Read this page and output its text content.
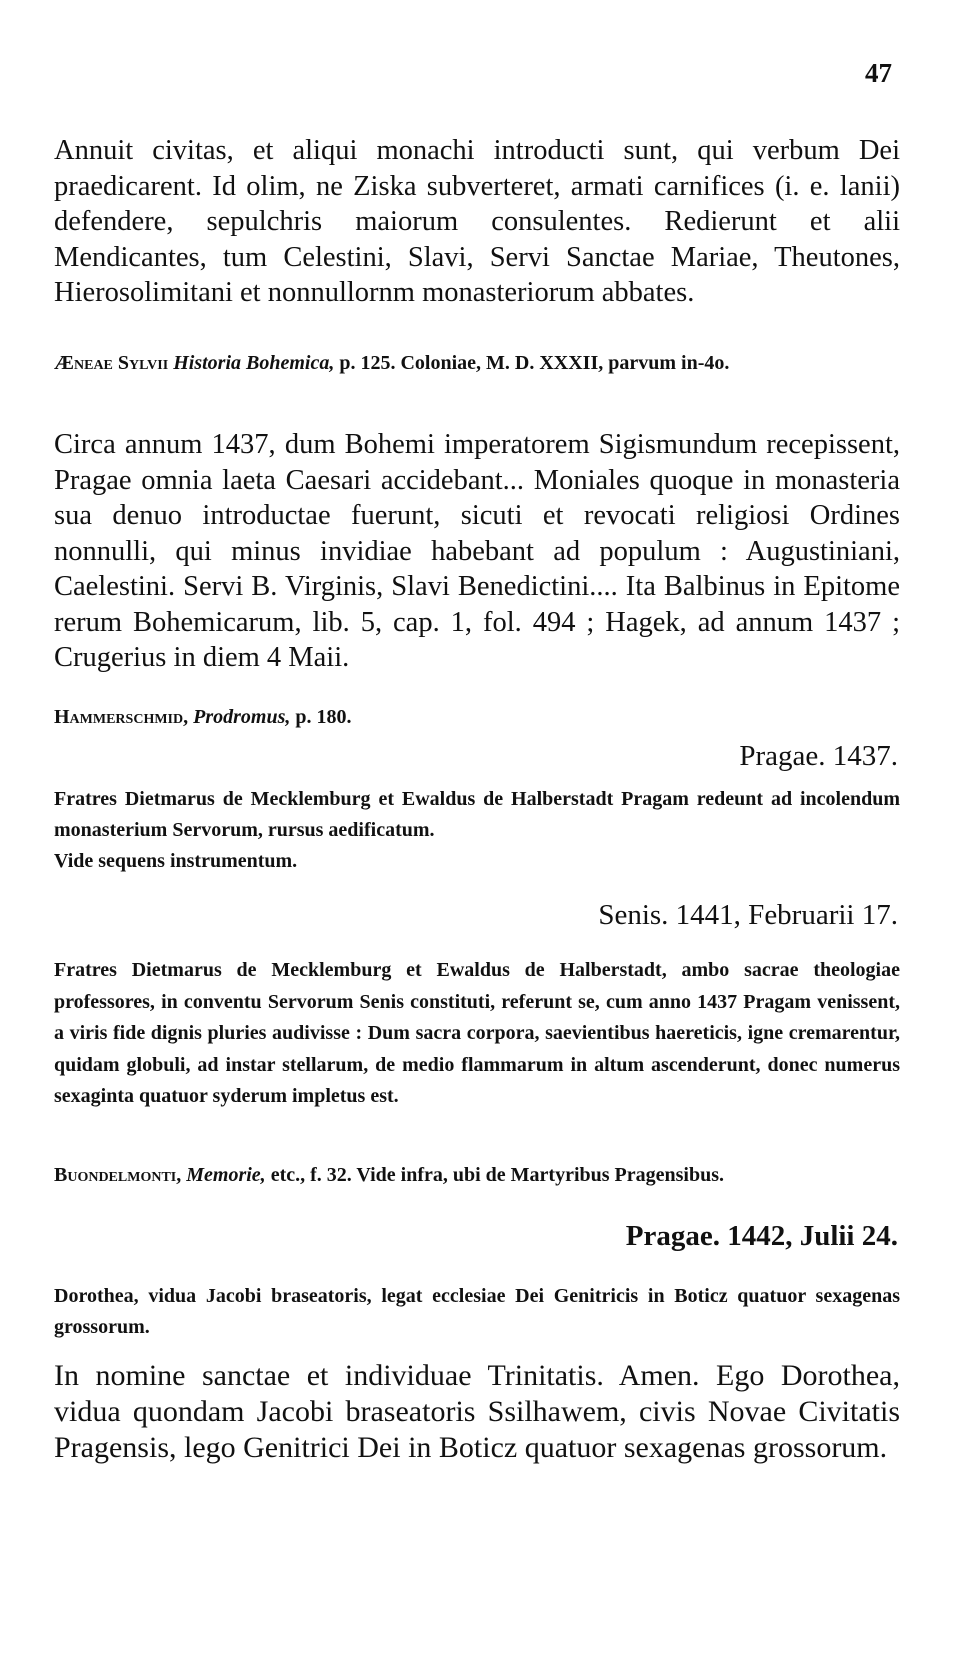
47
Annuit civitas, et aliqui monachi introducti sunt, qui verbum Dei praedicarent. Id olim, ne Ziska subverteret, armati carnifices (i. e. lanii) defendere, sepulchris maiorum consulentes. Redierunt et alii Mendicantes, tum Celestini, Slavi, Servi Sanctae Mariae, Theutones, Hierosolimitani et nonnullornm monasteriorum abbates.
Æneae Sylvii Historia Bohemica, p. 125. Coloniae, M. D. XXXII, parvum in-4o.
Circa annum 1437, dum Bohemi imperatorem Sigismundum recepissent, Pragae omnia laeta Caesari accidebant... Moniales quoque in monasteria sua denuo introductae fuerunt, sicuti et revocati religiosi Ordines nonnulli, qui minus invidiae habebant ad populum : Augustiniani, Caelestini. Servi B. Virginis, Slavi Benedictini.... Ita Balbinus in Epitome rerum Bohemicarum, lib. 5, cap. 1, fol. 494 ; Hagek, ad annum 1437 ; Crugerius in diem 4 Maii.
Hammerschmid, Prodromus, p. 180.
Pragae. 1437.
Fratres Dietmarus de Mecklemburg et Ewaldus de Halberstadt Pragam redeunt ad incolendum monasterium Servorum, rursus aedificatum.
Vide sequens instrumentum.
Senis. 1441, Februarii 17.
Fratres Dietmarus de Mecklemburg et Ewaldus de Halberstadt, ambo sacrae theologiae professores, in conventu Servorum Senis constituti, referunt se, cum anno 1437 Pragam venissent, a viris fide dignis pluries audivisse : Dum sacra corpora, saevientibus haereticis, igne cremarentur, quidam globuli, ad instar stellarum, de medio flammarum in altum ascenderunt, donec numerus sexaginta quatuor syderum impletus est.
Buondelmonti, Memorie, etc., f. 32. Vide infra, ubi de Martyribus Pragensibus.
Pragae. 1442, Julii 24.
Dorothea, vidua Jacobi braseatoris, legat ecclesiae Dei Genitricis in Boticz quatuor sexagenas grossorum.
In nomine sanctae et individuae Trinitatis. Amen. Ego Dorothea, vidua quondam Jacobi braseatoris Ssilhawem, civis Novae Civitatis Pragensis, lego Genitrici Dei in Boticz quatuor sexagenas grossorum.
